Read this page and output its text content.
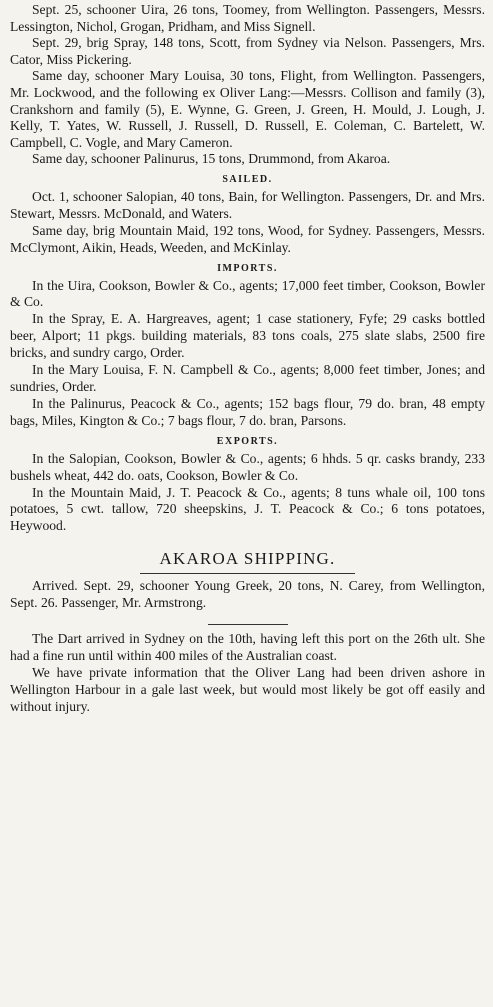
Sept. 25, schooner Uira, 26 tons, Toomey, from Wellington. Passengers, Messrs. Lessington, Nichol, Grogan, Pridham, and Miss Signell.

Sept. 29, brig Spray, 148 tons, Scott, from Sydney via Nelson. Passengers, Mrs. Cator, Miss Pickering.

Same day, schooner Mary Louisa, 30 tons, Flight, from Wellington. Passengers, Mr. Lockwood, and the following ex Oliver Lang:—Messrs. Collison and family (3), Crankshorn and family (5), E. Wynne, G. Green, J. Green, H. Mould, J. Lough, J. Kelly, T. Yates, W. Russell, J. Russell, D. Russell, E. Coleman, C. Bartelett, W. Campbell, C. Vogle, and Mary Cameron.

Same day, schooner Palinurus, 15 tons, Drummond, from Akaroa.

SAILED.

Oct. 1, schooner Salopian, 40 tons, Bain, for Wellington. Passengers, Dr. and Mrs. Stewart, Messrs. McDonald, and Waters.

Same day, brig Mountain Maid, 192 tons, Wood, for Sydney. Passengers, Messrs. McClymont, Aikin, Heads, Weeden, and McKinlay.

IMPORTS.

In the Uira, Cookson, Bowler & Co., agents; 17,000 feet timber, Cookson, Bowler & Co.

In the Spray, E. A. Hargreaves, agent; 1 case stationery, Fyfe; 29 casks bottled beer, Alport; 11 pkgs. building materials, 83 tons coals, 275 slate slabs, 2500 fire bricks, and sundry cargo, Order.

In the Mary Louisa, F. N. Campbell & Co., agents; 8,000 feet timber, Jones; and sundries, Order.

In the Palinurus, Peacock & Co., agents; 152 bags flour, 79 do. bran, 48 empty bags, Miles, Kington & Co.; 7 bags flour, 7 do. bran, Parsons.

EXPORTS.

In the Salopian, Cookson, Bowler & Co., agents; 6 hhds. 5 qr. casks brandy, 233 bushels wheat, 442 do. oats, Cookson, Bowler & Co.

In the Mountain Maid, J. T. Peacock & Co., agents; 8 tuns whale oil, 100 tons potatoes, 5 cwt. tallow, 720 sheepskins, J. T. Peacock & Co.; 6 tons potatoes, Heywood.

AKAROA SHIPPING.

Arrived. Sept. 29, schooner Young Greek, 20 tons, N. Carey, from Wellington, Sept. 26. Passenger, Mr. Armstrong.

The Dart arrived in Sydney on the 10th, having left this port on the 26th ult. She had a fine run until within 400 miles of the Australian coast.

We have private information that the Oliver Lang had been driven ashore in Wellington Harbour in a gale last week, but would most likely be got off easily and without injury.
